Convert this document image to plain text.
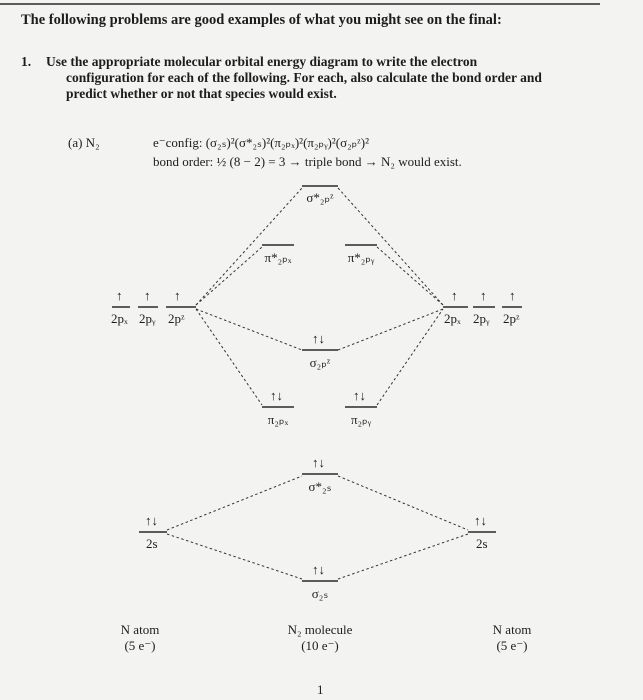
The following problems are good examples of what you might see on the final:
1. Use the appropriate molecular orbital energy diagram to write the electron
configuration for each of the following. For each, also calculate the bond order and
predict whether or not that species would exist.
(a) N₂	e⁻config: (σ₂ₛ)²(σ*₂ₛ)²(π₂ₚₓ)²(π₂ₚᵧ)²(σ₂ₚᶻ)²
bond order: ½ (8 − 2) = 3 → triple bond → N₂ would exist.
σ*₂ₚᶻ
π*₂ₚₓ	π*₂ₚᵧ
↑ ↑ ↑
2pₓ 2pᵧ 2pᶻ
↑ ↑ ↑
2pₓ 2pᵧ 2pᶻ
↑↓
σ₂ₚᶻ
↑↓	↑↓
π₂ₚₓ	π₂ₚᵧ
↑↓
σ*₂ₛ
↑↓
2s
↑↓
2s
↑↓
σ₂ₛ
N atom
(5 e⁻)
N₂ molecule
(10 e⁻)
N atom
(5 e⁻)
1
